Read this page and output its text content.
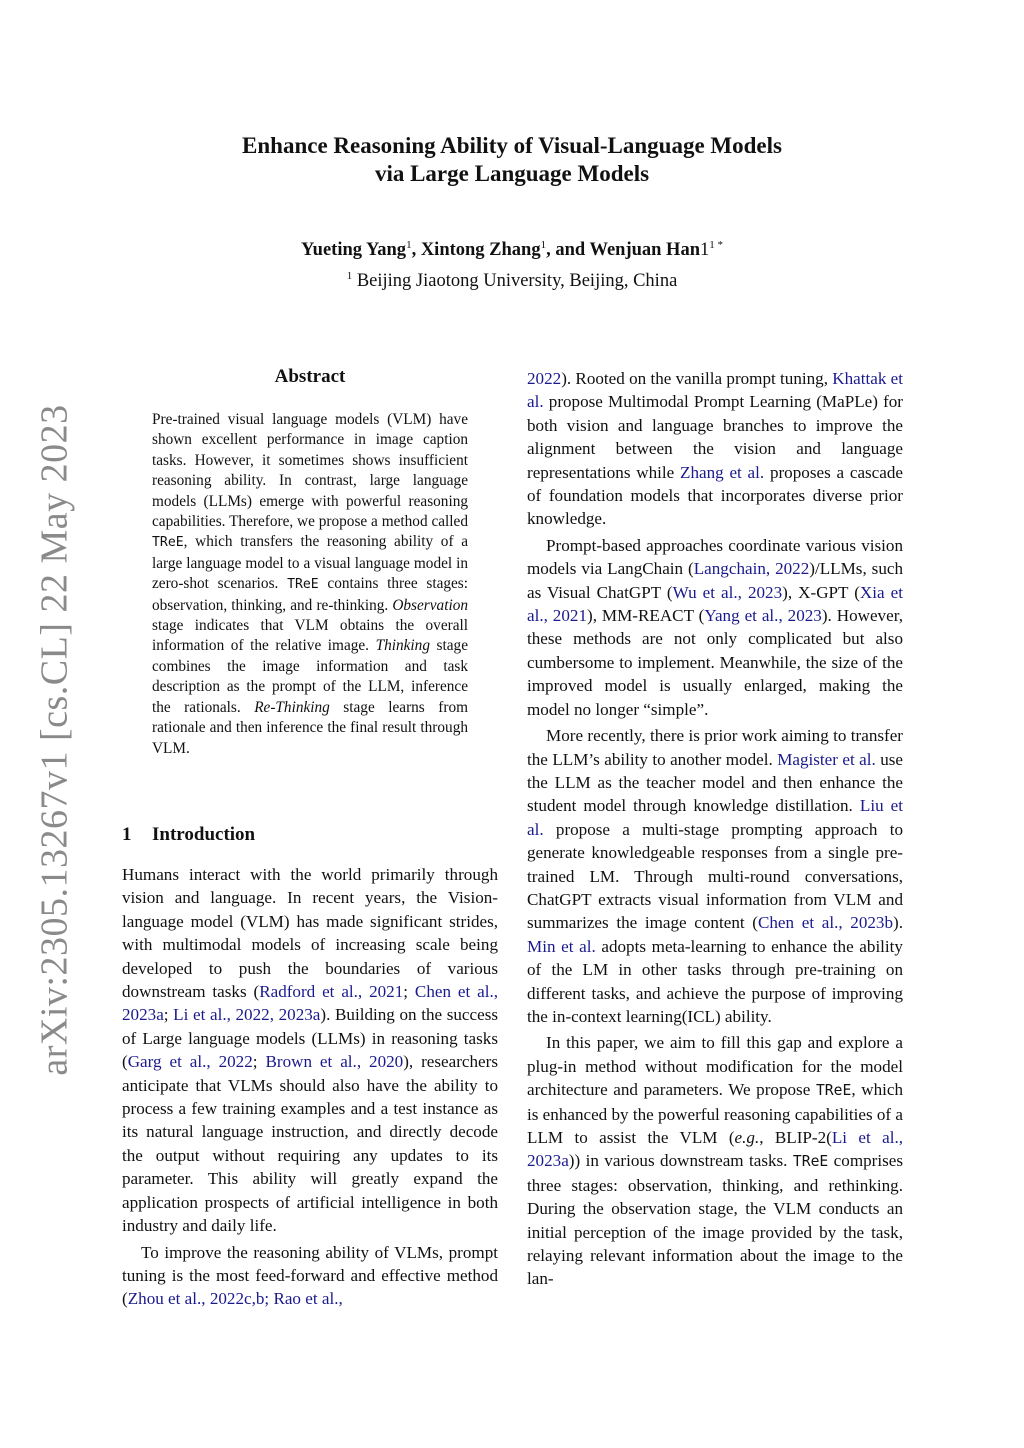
arXiv:2305.13267v1 [cs.CL] 22 May 2023
Enhance Reasoning Ability of Visual-Language Models
via Large Language Models
Yueting Yang$^1$, Xintong Zhang$^1$, and Wenjuan $Han1^{1 *}$
$^1$ Beijing Jiaotong University, Beijing, China
Abstract

Pre-trained visual language models (VLM) have shown excellent performance in image caption tasks. However, it sometimes shows insufficient reasoning ability. In contrast, large language models (LLMs) emerge with powerful reasoning capabilities. Therefore, we propose a method called TReE, which transfers the reasoning ability of a large language model to a visual language model in zero-shot scenarios. TReE contains three stages: observation, thinking, and re-thinking. Observation stage indicates that VLM obtains the overall information of the relative image. Thinking stage combines the image information and task description as the prompt of the LLM, inference the rationals. Re-Thinking stage learns from rationale and then inference the final result through VLM.

1 Introduction

Humans interact with the world primarily through vision and language. In recent years, the Vision-language model (VLM) has made significant strides, with multimodal models of increasing scale being developed to push the boundaries of various downstream tasks (Radford et al., 2021; Chen et al., 2023a; Li et al., 2022, 2023a). Building on the success of Large language models (LLMs) in reasoning tasks (Garg et al., 2022; Brown et al., 2020), researchers anticipate that VLMs should also have the ability to process a few training examples and a test instance as its natural language instruction, and directly decode the output without requiring any updates to its parameter. This ability will greatly expand the application prospects of artificial intelligence in both industry and daily life.

To improve the reasoning ability of VLMs, prompt tuning is the most feed-forward and effective method (Zhou et al., 2022c,b; Rao et al.,

2022). Rooted on the vanilla prompt tuning, Khattak et al. propose Multimodal Prompt Learning (MaPLe) for both vision and language branches to improve the alignment between the vision and language representations while Zhang et al. proposes a cascade of foundation models that incorporates diverse prior knowledge.

Prompt-based approaches coordinate various vision models via LangChain (Langchain, 2022)/LLMs, such as Visual ChatGPT (Wu et al., 2023), X-GPT (Xia et al., 2021), MM-REACT (Yang et al., 2023). However, these methods are not only complicated but also cumbersome to implement. Meanwhile, the size of the improved model is usually enlarged, making the model no longer “simple”.

More recently, there is prior work aiming to transfer the LLM’s ability to another model. Magister et al. use the LLM as the teacher model and then enhance the student model through knowledge distillation. Liu et al. propose a multi-stage prompting approach to generate knowledgeable responses from a single pre-trained LM. Through multi-round conversations, ChatGPT extracts visual information from VLM and summarizes the image content (Chen et al., 2023b). Min et al. adopts meta-learning to enhance the ability of the LM in other tasks through pre-training on different tasks, and achieve the purpose of improving the in-context learning(ICL) ability.

In this paper, we aim to fill this gap and explore a plug-in method without modification for the model architecture and parameters. We propose TReE, which is enhanced by the powerful reasoning capabilities of a LLM to assist the VLM (e.g., BLIP-2(Li et al., 2023a)) in various downstream tasks. TReE comprises three stages: observation, thinking, and rethinking. During the observation stage, the VLM conducts an initial perception of the image provided by the task, relaying relevant information about the image to the lan-
